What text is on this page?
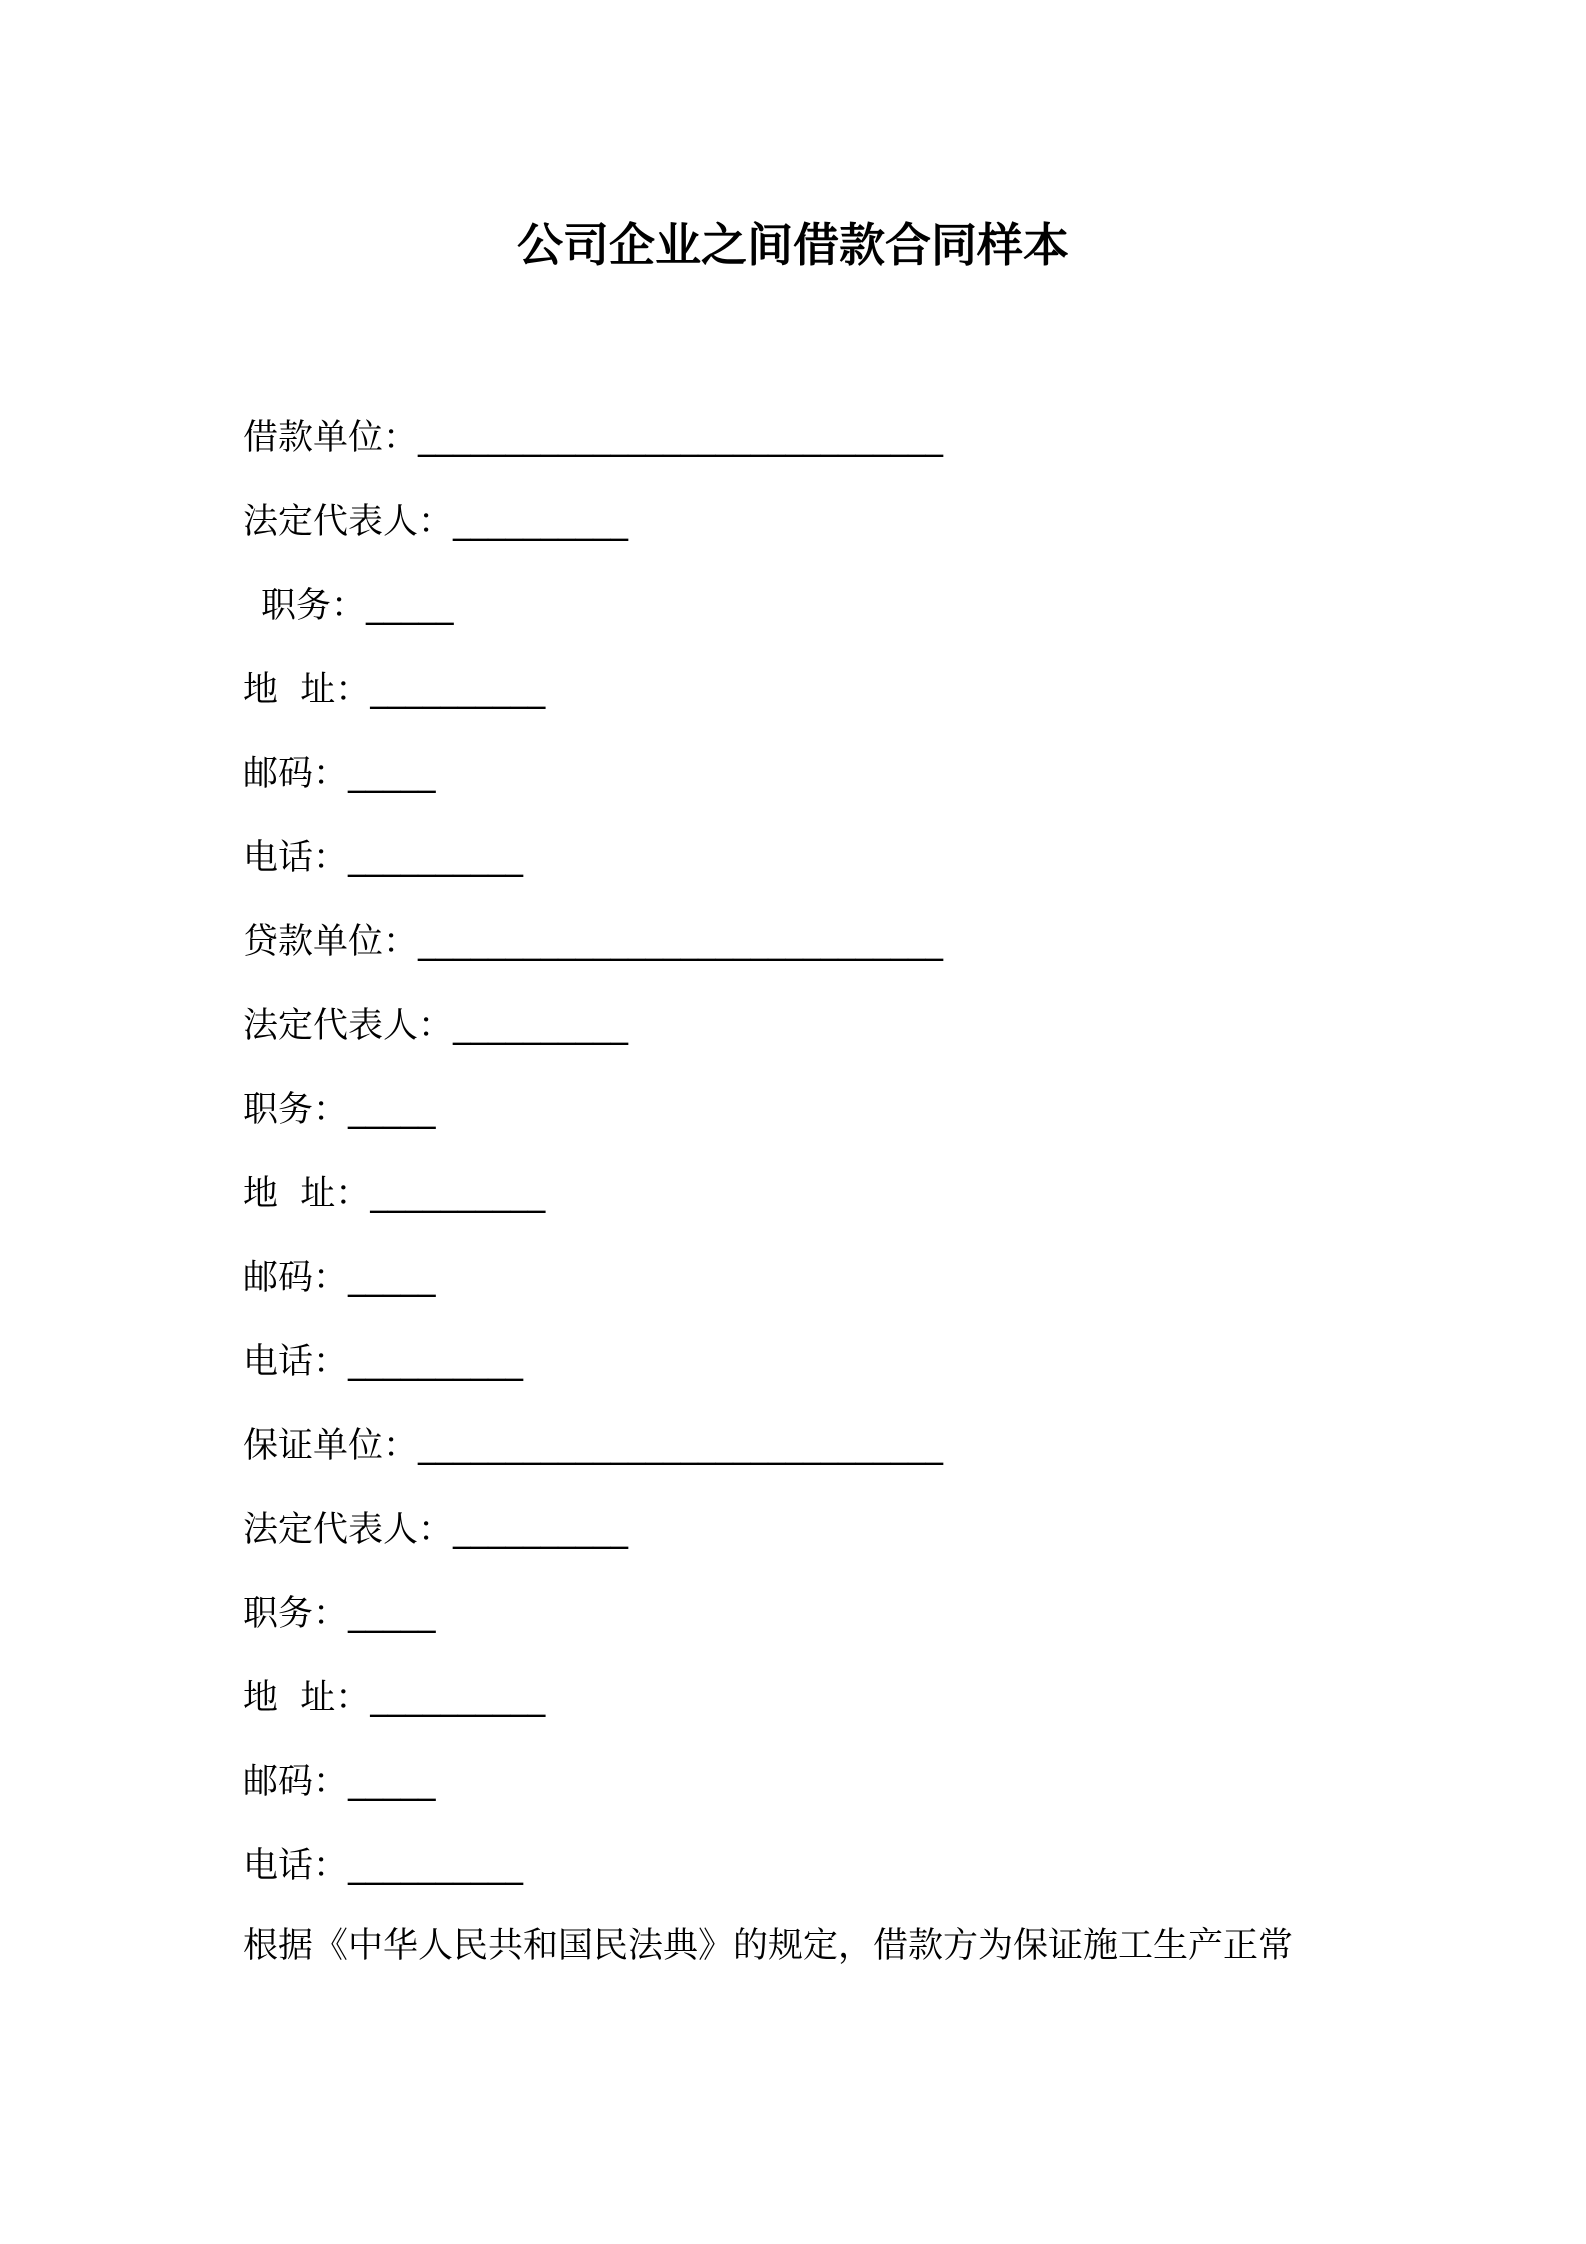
公司企业之间借款合同样本
借款单位：______________________________
法定代表人：__________
职务：_____
地  址：__________
邮码：_____
电话：__________
贷款单位：______________________________
法定代表人：__________
职务：_____
地  址：__________
邮码：_____
电话：__________
保证单位：______________________________
法定代表人：__________
职务：_____
地  址：__________
邮码：_____
电话：__________
根据《中华人民共和国民法典》的规定，借款方为保证施工生产正常
